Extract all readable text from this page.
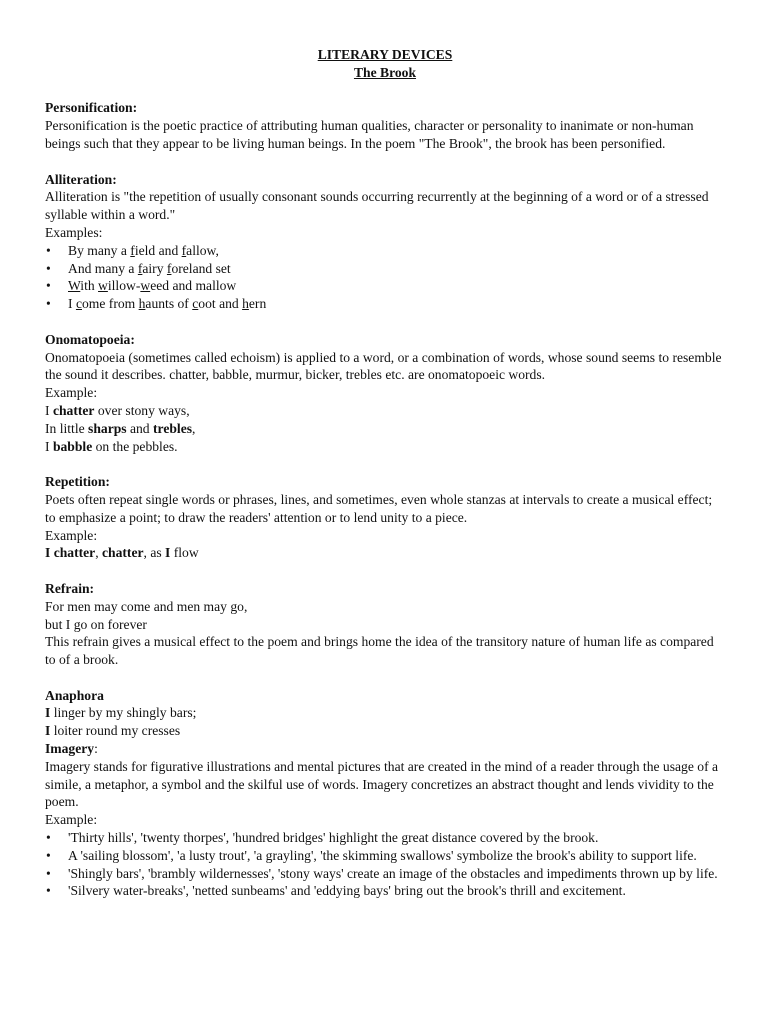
LITERARY DEVICES

The Brook

Personification:

Personification is the poetic practice of attributing human qualities, character or personality to inanimate or non-human beings such that they appear to be living human beings. In the poem "The Brook", the brook has been personified.

Alliteration:

Alliteration is "the repetition of usually consonant sounds occurring recurrently at the beginning of a word or of a stressed syllable within a word."

Examples:

• By many a field and fallow,
• And many a fairy foreland set
• With willow-weed and mallow
• I come from haunts of coot and hern

Onomatopoeia:

Onomatopoeia (sometimes called echoism) is applied to a word, or a combination of words, whose sound seems to resemble the sound it describes. chatter, babble, murmur, bicker, trebles etc. are onomatopoeic words.

Example:

I chatter over stony ways,

In little sharps and trebles,

I babble on the pebbles.

Repetition:

Poets often repeat single words or phrases, lines, and sometimes, even whole stanzas at intervals to create a musical effect; to emphasize a point; to draw the readers' attention or to lend unity to a piece.

Example:

I chatter, chatter, as I flow

Refrain:

For men may come and men may go,

but I go on forever

This refrain gives a musical effect to the poem and brings home the idea of the transitory nature of human life as compared to of a brook.

Anaphora

I linger by my shingly bars;

I loiter round my cresses

Imagery:

Imagery stands for figurative illustrations and mental pictures that are created in the mind of a reader through the usage of a simile, a metaphor, a symbol and the skilful use of words. Imagery concretizes an abstract thought and lends vividity to the poem.

Example:

• 'Thirty hills', 'twenty thorpes', 'hundred bridges' highlight the great distance covered by the brook.
• A 'sailing blossom', 'a lusty trout', 'a grayling', 'the skimming swallows' symbolize the brook's ability to support life.
• 'Shingly bars', 'brambly wildernesses', 'stony ways' create an image of the obstacles and impediments thrown up by life.
• 'Silvery water-breaks', 'netted sunbeams' and 'eddying bays' bring out the brook's thrill and excitement.
